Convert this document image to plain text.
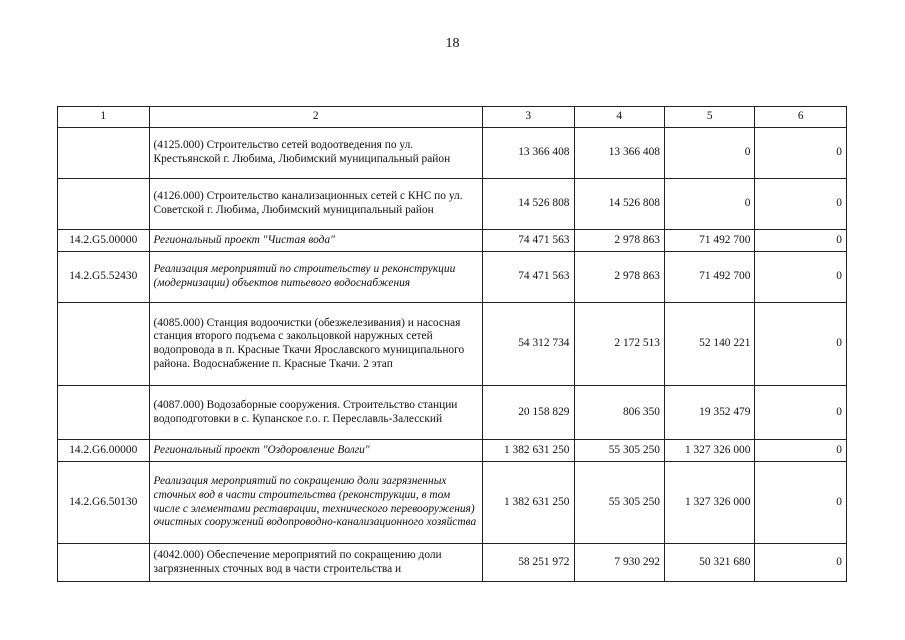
18
1	2	3	4	5	6
	(4125.000) Строительство сетей водоотведения по ул. Крестьянской г. Любима, Любимский муниципальный район	13 366 408	13 366 408	0	0
	(4126.000) Строительство канализационных сетей с КНС по ул. Советской г. Любима, Любимский муниципальный район	14 526 808	14 526 808	0	0
14.2.G5.00000	Региональный проект "Чистая вода"	74 471 563	2 978 863	71 492 700	0
14.2.G5.52430	Реализация мероприятий по строительству и реконструкции (модернизации) объектов питьевого водоснабжения	74 471 563	2 978 863	71 492 700	0
	(4085.000) Станция водоочистки (обезжелезивания) и насосная станция второго подъема с закольцовкой наружных сетей водопровода в п. Красные Ткачи Ярославского муниципального района. Водоснабжение п. Красные Ткачи. 2 этап	54 312 734	2 172 513	52 140 221	0
	(4087.000) Водозаборные сооружения. Строительство станции водоподготовки в с. Купанское г.о. г. Переславль-Залесский	20 158 829	806 350	19 352 479	0
14.2.G6.00000	Региональный проект "Оздоровление Волги"	1 382 631 250	55 305 250	1 327 326 000	0
14.2.G6.50130	Реализация мероприятий по сокращению доли загрязненных сточных вод в части строительства (реконструкции, в том числе с элементами реставрации, технического перевооружения) очистных сооружений водопроводно-канализационного хозяйства	1 382 631 250	55 305 250	1 327 326 000	0
	(4042.000) Обеспечение мероприятий по сокращению доли загрязненных сточных вод в части строительства и	58 251 972	7 930 292	50 321 680	0
